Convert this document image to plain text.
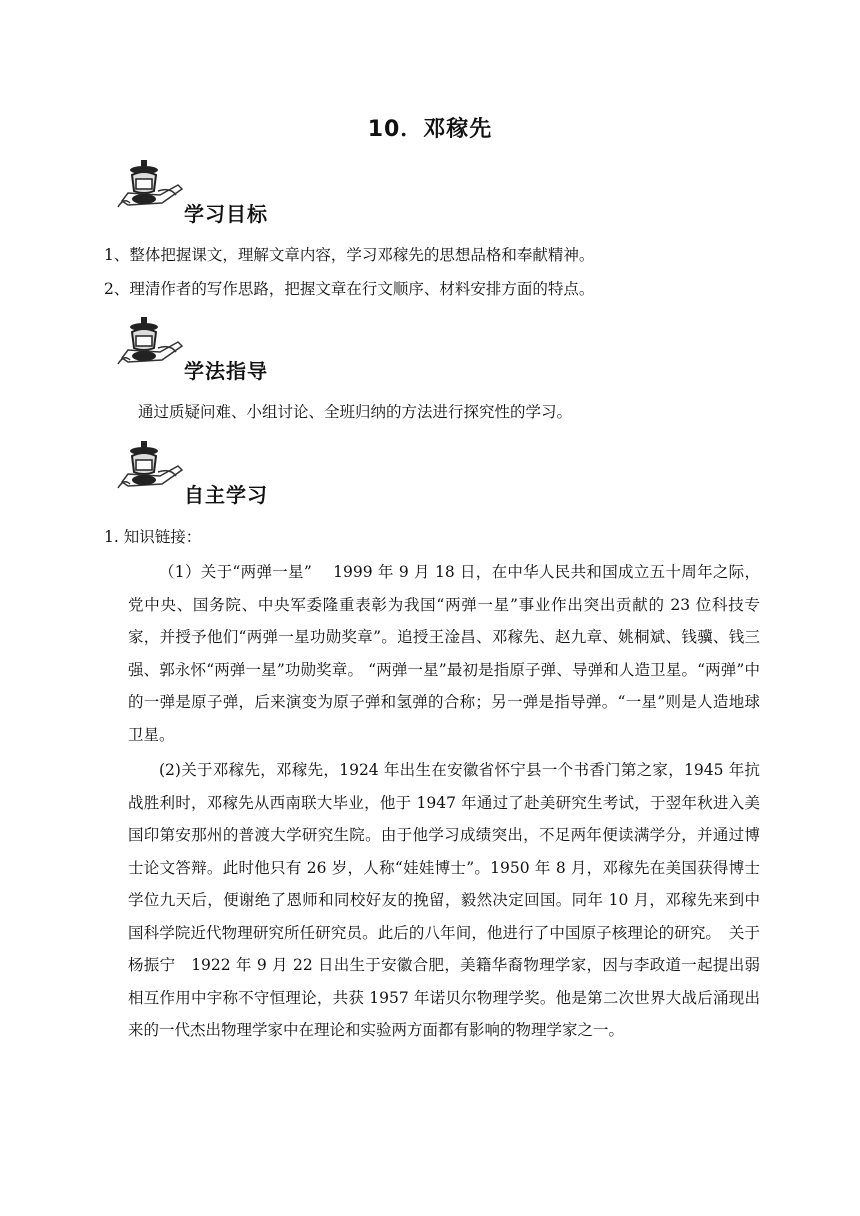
10．邓稼先
学习目标
1、整体把握课文，理解文章内容，学习邓稼先的思想品格和奉献精神。
2、理清作者的写作思路，把握文章在行文顺序、材料安排方面的特点。
学法指导
通过质疑问难、小组讨论、全班归纳的方法进行探究性的学习。
自主学习
1. 知识链接：
（1）关于“两弹一星”　 1999 年 9 月 18 日，在中华人民共和国成立五十周年之际，党中央、国务院、中央军委隆重表彰为我国“两弹一星”事业作出突出贡献的 23 位科技专家，并授予他们“两弹一星功勋奖章”。追授王淦昌、邓稼先、赵九章、姚桐斌、钱骥、钱三强、郭永怀“两弹一星”功勋奖章。 “两弹一星”最初是指原子弹、导弹和人造卫星。“两弹”中的一弹是原子弹，后来演变为原子弹和氢弹的合称；另一弹是指导弹。“一星”则是人造地球卫星。
(2)关于邓稼先，邓稼先，1924 年出生在安徽省怀宁县一个书香门第之家，1945 年抗战胜利时，邓稼先从西南联大毕业，他于 1947 年通过了赴美研究生考试，于翌年秋进入美国印第安那州的普渡大学研究生院。由于他学习成绩突出，不足两年便读满学分，并通过博士论文答辩。此时他只有 26 岁，人称“娃娃博士”。1950 年 8 月，邓稼先在美国获得博士学位九天后，便谢绝了恩师和同校好友的挽留，毅然决定回国。同年 10 月，邓稼先来到中国科学院近代物理研究所任研究员。此后的八年间，他进行了中国原子核理论的研究。　关于杨振宁　1922 年 9 月 22 日出生于安徽合肥，美籍华裔物理学家，因与李政道一起提出弱相互作用中宇称不守恒理论，共获 1957 年诺贝尔物理学奖。他是第二次世界大战后涌现出来的一代杰出物理学家中在理论和实验两方面都有影响的物理学家之一。
